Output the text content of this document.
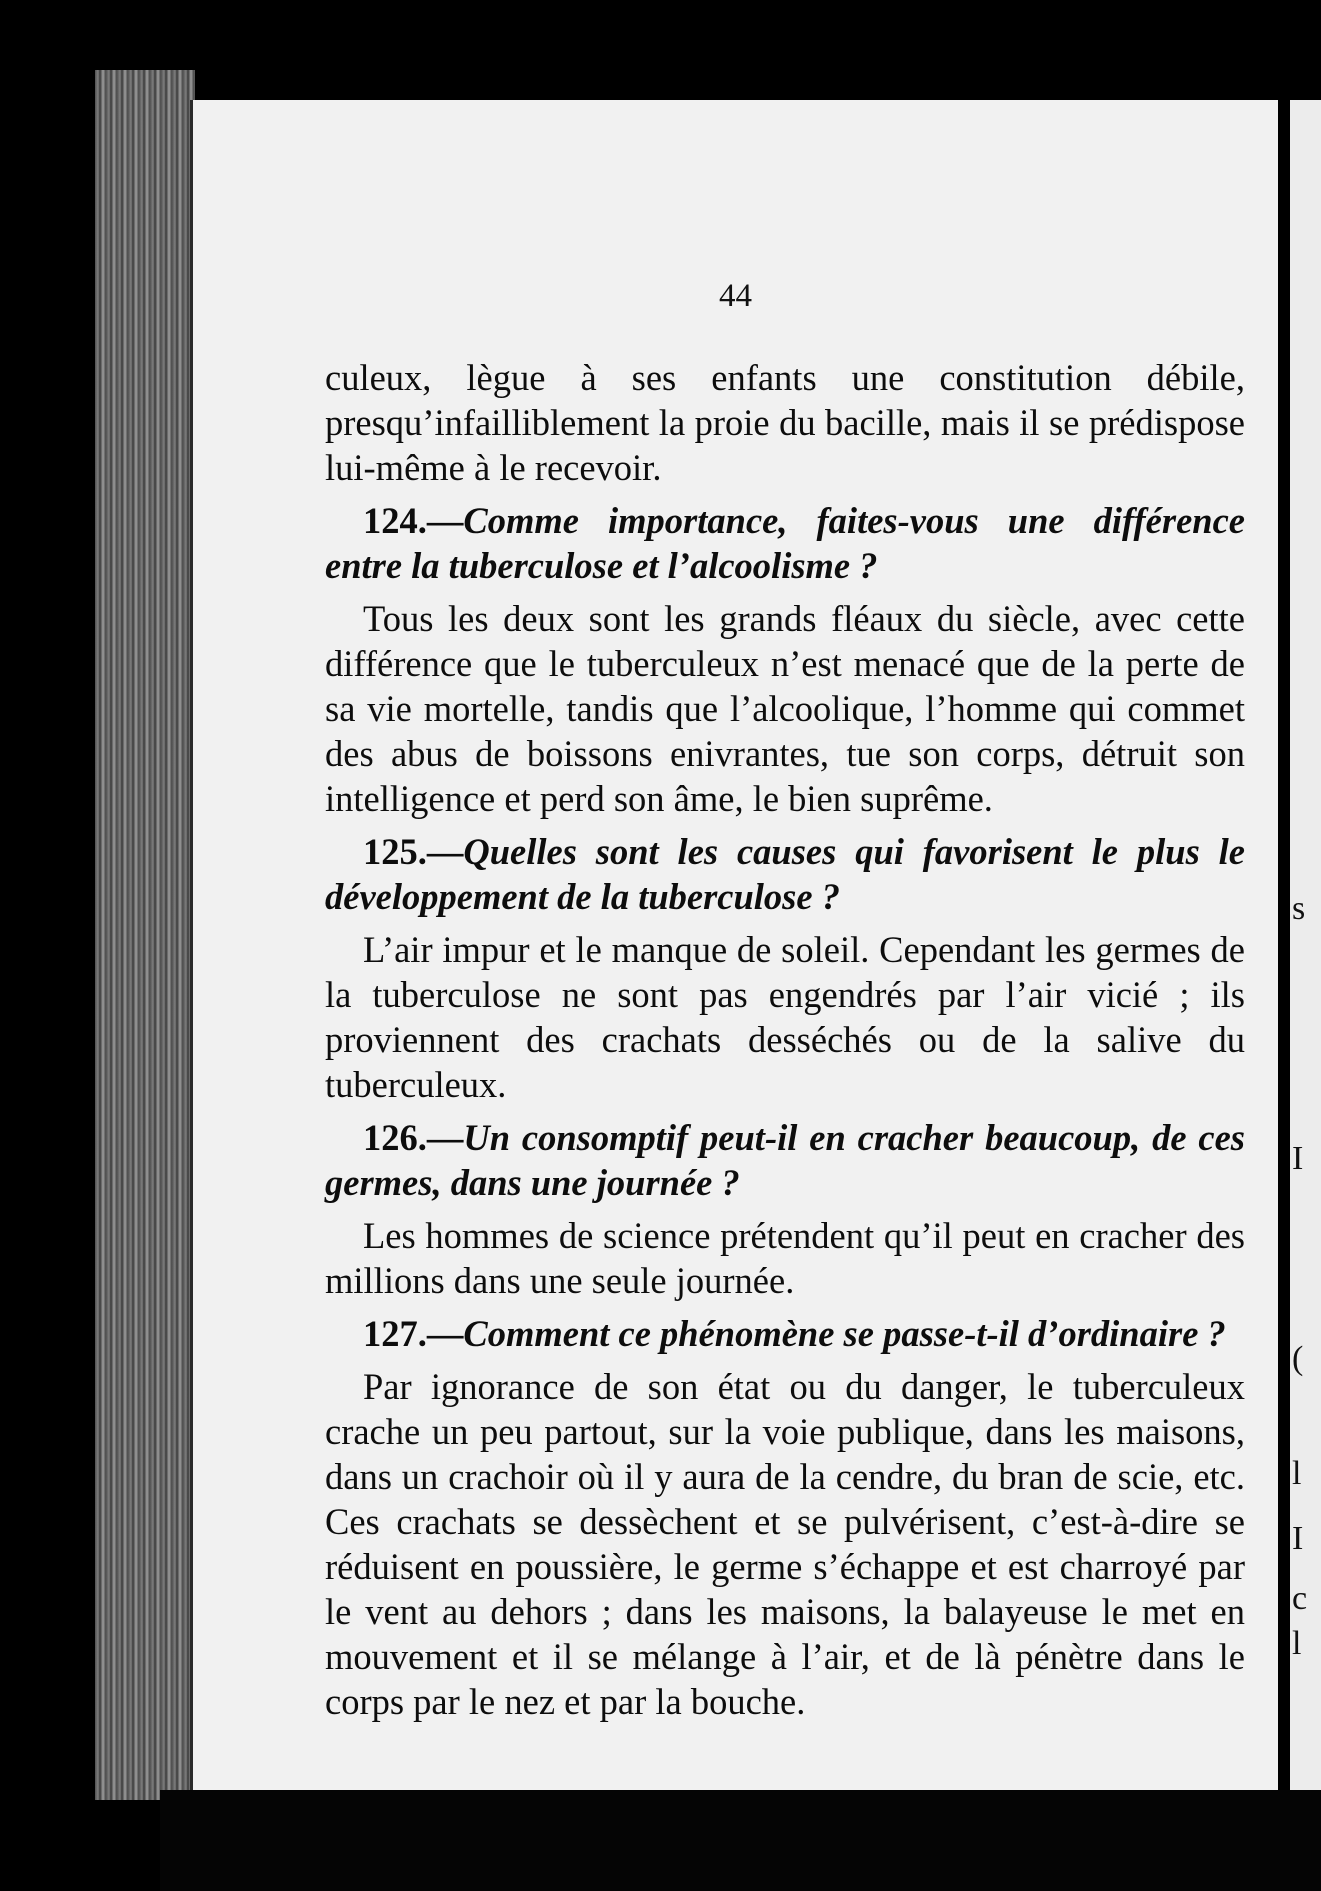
44

culeux, lègue à ses enfants une constitution débile, presqu’infailliblement la proie du bacille, mais il se prédispose lui-même à le recevoir.

124.—Comme importance, faites-vous une différence entre la tuberculose et l’alcoolisme ?

Tous les deux sont les grands fléaux du siècle, avec cette différence que le tuberculeux n’est menacé que de la perte de sa vie mortelle, tandis que l’alcoolique, l’homme qui commet des abus de boissons enivrantes, tue son corps, détruit son intelligence et perd son âme, le bien suprême.

125.—Quelles sont les causes qui favorisent le plus le développement de la tuberculose ?

L’air impur et le manque de soleil. Cependant les germes de la tuberculose ne sont pas engendrés par l’air vicié ; ils proviennent des crachats desséchés ou de la salive du tuberculeux.

126.—Un consomptif peut-il en cracher beaucoup, de ces germes, dans une journée ?

Les hommes de science prétendent qu’il peut en cracher des millions dans une seule journée.

127.—Comment ce phénomène se passe-t-il d’ordinaire ?

Par ignorance de son état ou du danger, le tuberculeux crache un peu partout, sur la voie publique, dans les maisons, dans un crachoir où il y aura de la cendre, du bran de scie, etc. Ces crachats se dessèchent et se pulvérisent, c’est-à-dire se réduisent en poussière, le germe s’échappe et est charroyé par le vent au dehors ; dans les maisons, la balayeuse le met en mouvement et il se mélange à l’air, et de là pénètre dans le corps par le nez et par la bouche.

s
I
(
l
I
c
l
